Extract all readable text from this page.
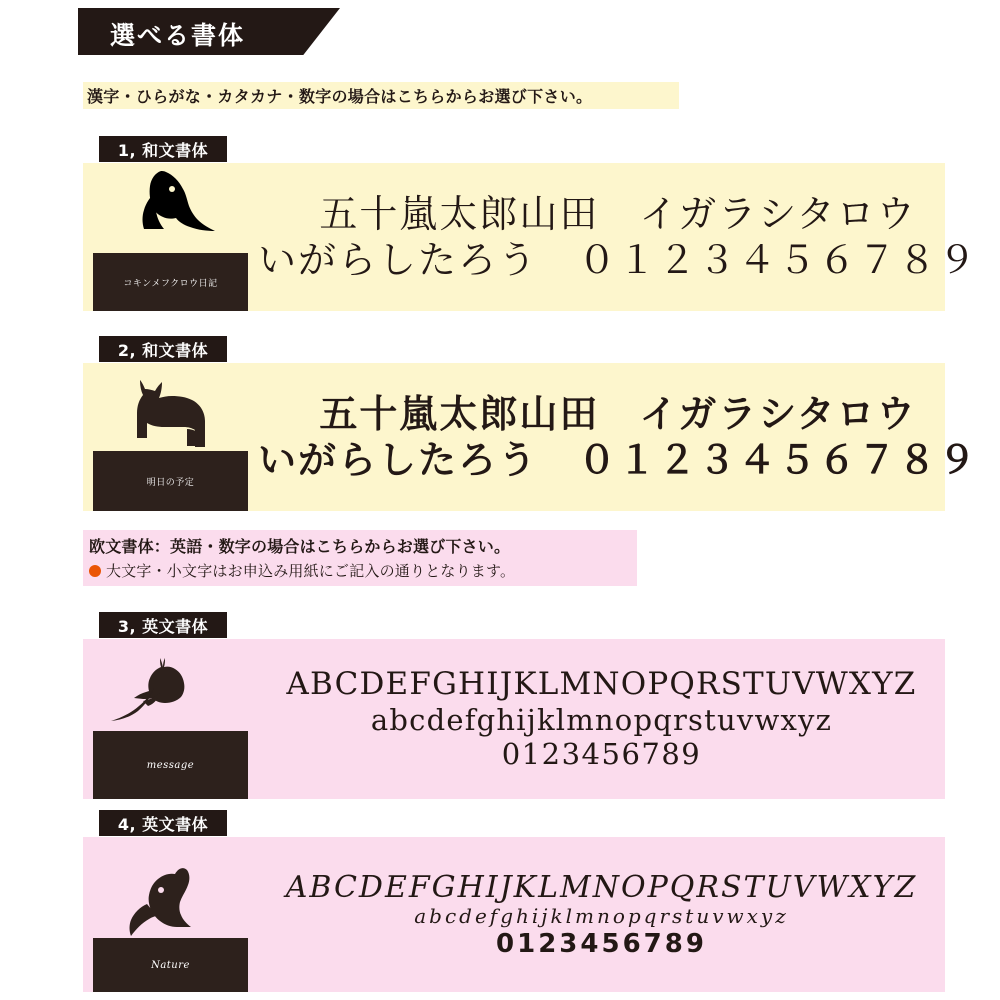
選べる書体
漢字・ひらがな・カタカナ・数字の場合はこちらからお選び下さい。
1, 和文書体
コキンメフクロウ日記
五十嵐太郎山田　イガラシタロウ
いがらしたろう　０１２３４５６７８９
2, 和文書体
明日の予定
五十嵐太郎山田　イガラシタロウ
いがらしたろう　０１２３４５６７８９
欧文書体：英語・数字の場合はこちらからお選び下さい。
大文字・小文字はお申込み用紙にご記入の通りとなります。
3, 英文書体
message
ABCDEFGHIJKLMNOPQRSTUVWXYZ
abcdefghijklmnopqrstuvwxyz
0123456789
4, 英文書体
Nature
ABCDEFGHIJKLMNOPQRSTUVWXYZ
abcdefghijklmnopqrstuvwxyz
0123456789
